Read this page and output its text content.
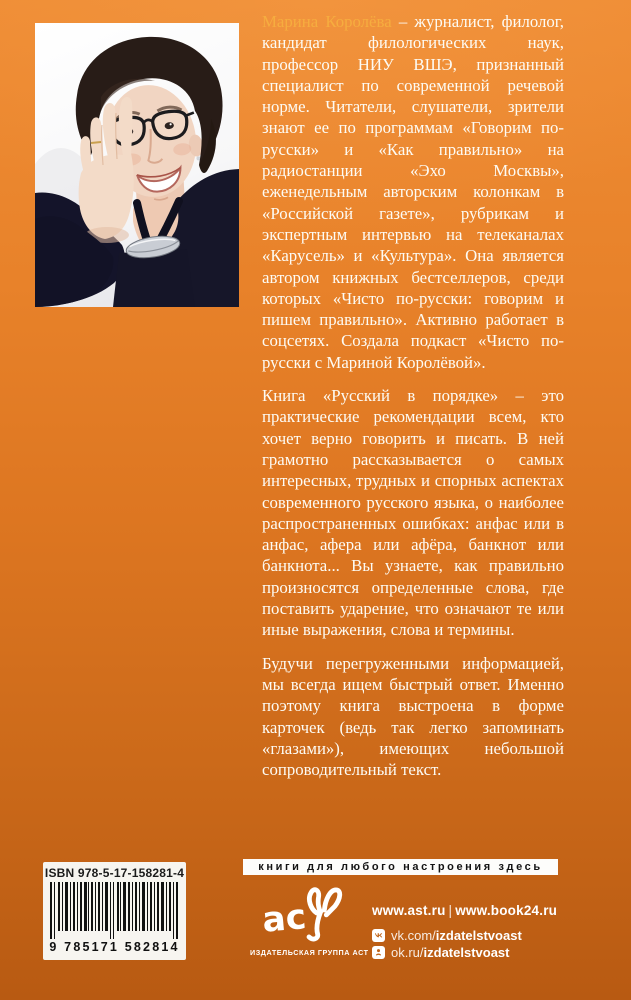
Марина Королёва – журналист, филолог, кандидат филологических наук, профессор НИУ ВШЭ, признанный специалист по современной речевой норме. Читатели, слушатели, зрители знают ее по программам «Говорим по-русски» и «Как правильно» на радиостанции «Эхо Москвы», еженедельным авторским колонкам в «Российской газете», рубрикам и экспертным интервью на телеканалах «Карусель» и «Культура». Она является автором книжных бестселлеров, среди которых «Чисто по-русски: говорим и пишем правильно». Активно работает в соцсетях. Создала подкаст «Чисто по-русски с Мариной Королёвой».

Книга «Русский в порядке» – это практические рекомендации всем, кто хочет верно говорить и писать. В ней грамотно рассказывается о самых интересных, трудных и спорных аспектах современного русского языка, о наиболее распространенных ошибках: анфас или в анфас, афера или афёра, банкнот или банкнота... Вы узнаете, как правильно произносятся определенные слова, где поставить ударение, что означают те или иные выражения, слова и термины.

Будучи перегруженными информацией, мы всегда ищем быстрый ответ. Именно поэтому книга выстроена в форме карточек (ведь так легко запоминать «глазами»), имеющих небольшой сопроводительный текст.

ISBN 978-5-17-158281-4
9 785171 582814
книги для любого настроения здесь
ас
ИЗДАТЕЛЬСКАЯ ГРУППА АСТ
www.ast.ru | www.book24.ru
vk.com/izdatelstvoast
ok.ru/izdatelstvoast
